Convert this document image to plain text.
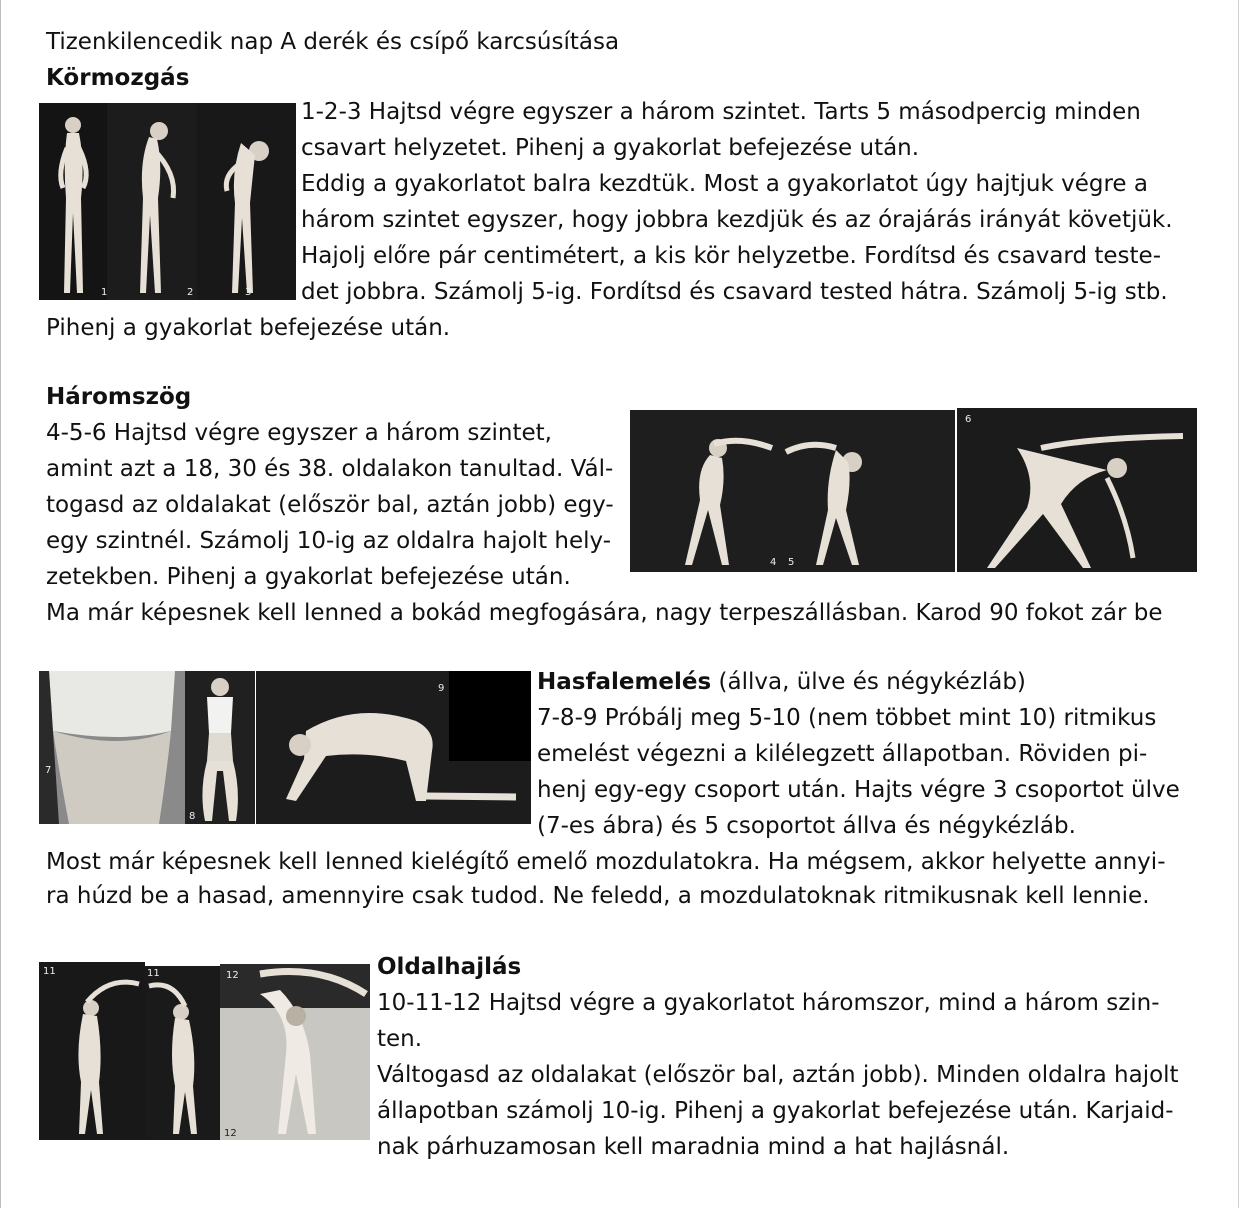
Tizenkilencedik nap A derék és csípő karcsúsítása
Körmozgás
1	2	3
1-2-3 Hajtsd végre egyszer a három szintet. Tarts 5 másodpercig minden
csavart helyzetet. Pihenj a gyakorlat befejezése után.
Eddig a gyakorlatot balra kezdtük. Most a gyakorlatot úgy hajtjuk végre a
három szintet egyszer, hogy jobbra kezdjük és az órajárás irányát követjük.
Hajolj előre pár centimétert, a kis kör helyzetbe. Fordítsd és csavard teste-
det jobbra. Számolj 5-ig. Fordítsd és csavard tested hátra. Számolj 5-ig stb.
Pihenj a gyakorlat befejezése után.
Háromszög
4-5-6 Hajtsd végre egyszer a három szintet,
amint azt a 18, 30 és 38. oldalakon tanultad. Vál-
togasd az oldalakat (először bal, aztán jobb) egy-
egy szintnél. Számolj 10-ig az oldalra hajolt hely-
zetekben. Pihenj a gyakorlat befejezése után.
4 5
6
Ma már képesnek kell lenned a bokád megfogására, nagy terpeszállásban. Karod 90 fokot zár be
7
8
9	Hasfalemelés (állva, ülve és négykézláb)
7-8-9 Próbálj meg 5-10 (nem többet mint 10) ritmikus
emelést végezni a kilélegzett állapotban. Röviden pi-
henj egy-egy csoport után. Hajts végre 3 csoportot ülve
(7-es ábra) és 5 csoportot állva és négykézláb.
Most már képesnek kell lenned kielégítő emelő mozdulatokra. Ha mégsem, akkor helyette annyi-
ra húzd be a hasad, amennyire csak tudod. Ne feledd, a mozdulatoknak ritmikusnak kell lennie.
11	11	12
12
Oldalhajlás
10-11-12 Hajtsd végre a gyakorlatot háromszor, mind a három szin-
ten.
Váltogasd az oldalakat (először bal, aztán jobb). Minden oldalra hajolt
állapotban számolj 10-ig. Pihenj a gyakorlat befejezése után. Karjaid-
nak párhuzamosan kell maradnia mind a hat hajlásnál.
